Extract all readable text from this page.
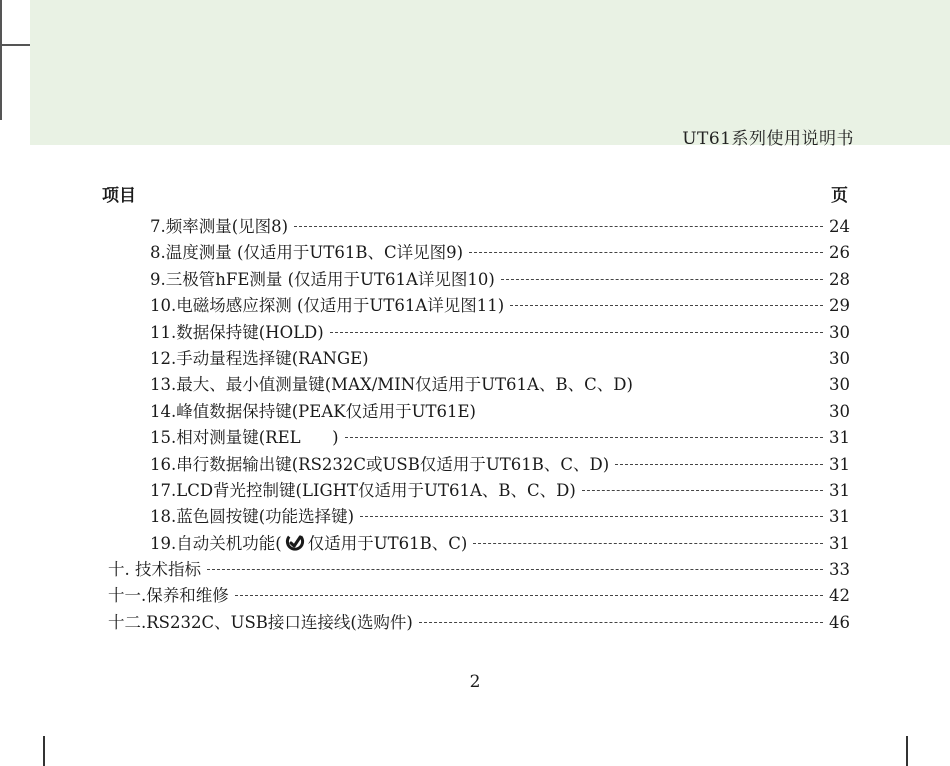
UT61系列使用说明书
项目	页
7.频率测量(见图8)	24
8.温度测量 (仅适用于UT61B、C详见图9)	26
9.三极管hFE测量 (仅适用于UT61A详见图10)	28
10.电磁场感应探测 (仅适用于UT61A详见图11)	29
11.数据保持键(HOLD)	30
12.手动量程选择键(RANGE)	30
13.最大、最小值测量键(MAX/MIN仅适用于UT61A、B、C、D)	30
14.峰值数据保持键(PEAK仅适用于UT61E)	30
15.相对测量键(REL      )	31
16.串行数据输出键(RS232C或USB仅适用于UT61B、C、D)	31
17.LCD背光控制键(LIGHT仅适用于UT61A、B、C、D)	31
18.蓝色圆按键(功能选择键)	31
19.自动关机功能( 仅适用于UT61B、C)	31
十. 技术指标	33
十一.保养和维修	42
十二.RS232C、USB接口连接线(选购件)	46
2
